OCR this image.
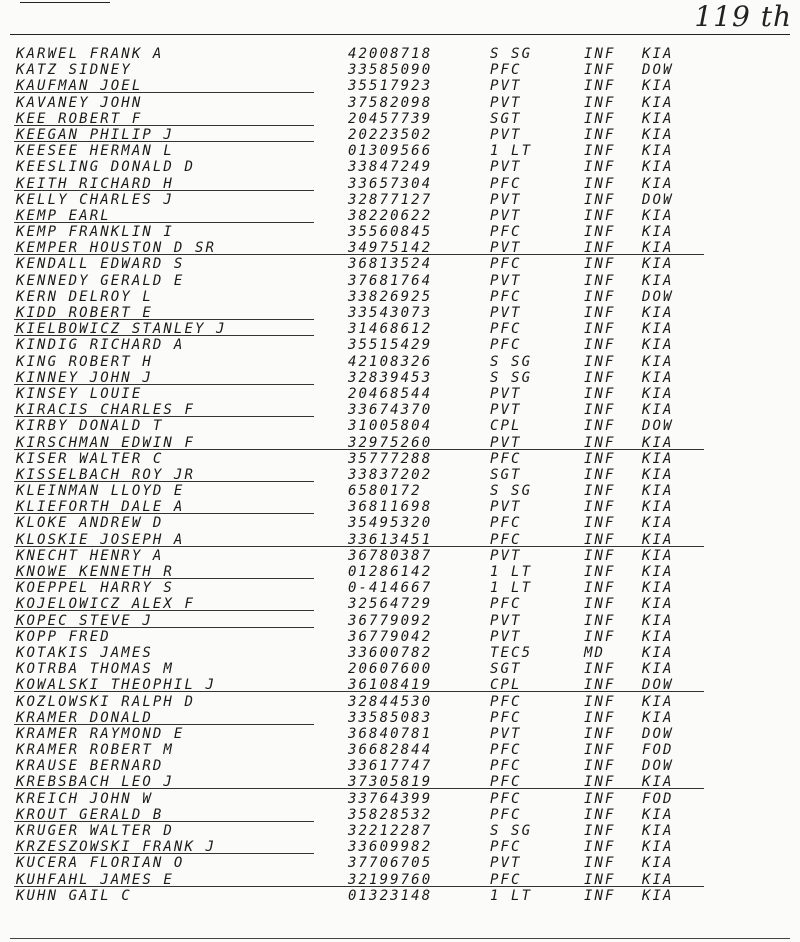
119 th
KARWEL FRANK A	42008718	S SG	INF KIA
KATZ SIDNEY	33585090	PFC	INF DOW
KAUFMAN JOEL	35517923	PVT	INF KIA
KAVANEY JOHN	37582098	PVT	INF KIA
KEE ROBERT F	20457739	SGT	INF KIA
KEEGAN PHILIP J	20223502	PVT	INF KIA
KEESEE HERMAN L	01309566	1 LT	INF KIA
KEESLING DONALD D	33847249	PVT	INF KIA
KEITH RICHARD H	33657304	PFC	INF KIA
KELLY CHARLES J	32877127	PVT	INF DOW
KEMP EARL	38220622	PVT	INF KIA
KEMP FRANKLIN I	35560845	PFC	INF KIA
KEMPER HOUSTON D SR	34975142	PVT	INF KIA
KENDALL EDWARD S	36813524	PFC	INF KIA
KENNEDY GERALD E	37681764	PVT	INF KIA
KERN DELROY L	33826925	PFC	INF DOW
KIDD ROBERT E	33543073	PVT	INF KIA
KIELBOWICZ STANLEY J	31468612	PFC	INF KIA
KINDIG RICHARD A	35515429	PFC	INF KIA
KING ROBERT H	42108326	S SG	INF KIA
KINNEY JOHN J	32839453	S SG	INF KIA
KINSEY LOUIE	20468544	PVT	INF KIA
KIRACIS CHARLES F	33674370	PVT	INF KIA
KIRBY DONALD T	31005804	CPL	INF DOW
KIRSCHMAN EDWIN F	32975260	PVT	INF KIA
KISER WALTER C	35777288	PFC	INF KIA
KISSELBACH ROY JR	33837202	SGT	INF KIA
KLEINMAN LLOYD E	6580172	S SG	INF KIA
KLIEFORTH DALE A	36811698	PVT	INF KIA
KLOKE ANDREW D	35495320	PFC	INF KIA
KLOSKIE JOSEPH A	33613451	PFC	INF KIA
KNECHT HENRY A	36780387	PVT	INF KIA
KNOWE KENNETH R	01286142	1 LT	INF KIA
KOEPPEL HARRY S	0-414667	1 LT	INF KIA
KOJELOWICZ ALEX F	32564729	PFC	INF KIA
KOPEC STEVE J	36779092	PVT	INF KIA
KOPP FRED	36779042	PVT	INF KIA
KOTAKIS JAMES	33600782	TEC5	MD	KIA
KOTRBA THOMAS M	20607600	SGT	INF KIA
KOWALSKI THEOPHIL J	36108419	CPL	INF DOW
KOZLOWSKI RALPH D	32844530	PFC	INF KIA
KRAMER DONALD	33585083	PFC	INF KIA
KRAMER RAYMOND E	36840781	PVT	INF DOW
KRAMER ROBERT M	36682844	PFC	INF FOD
KRAUSE BERNARD	33617747	PFC	INF DOW
KREBSBACH LEO J	37305819	PFC	INF KIA
KREICH JOHN W	33764399	PFC	INF FOD
KROUT GERALD B	35828532	PFC	INF KIA
KRUGER WALTER D	32212287	S SG	INF KIA
KRZESZOWSKI FRANK J	33609982	PFC	INF KIA
KUCERA FLORIAN O	37706705	PVT	INF KIA
KUHFAHL JAMES E	32199760	PFC	INF KIA
KUHN GAIL C	01323148	1 LT	INF KIA
